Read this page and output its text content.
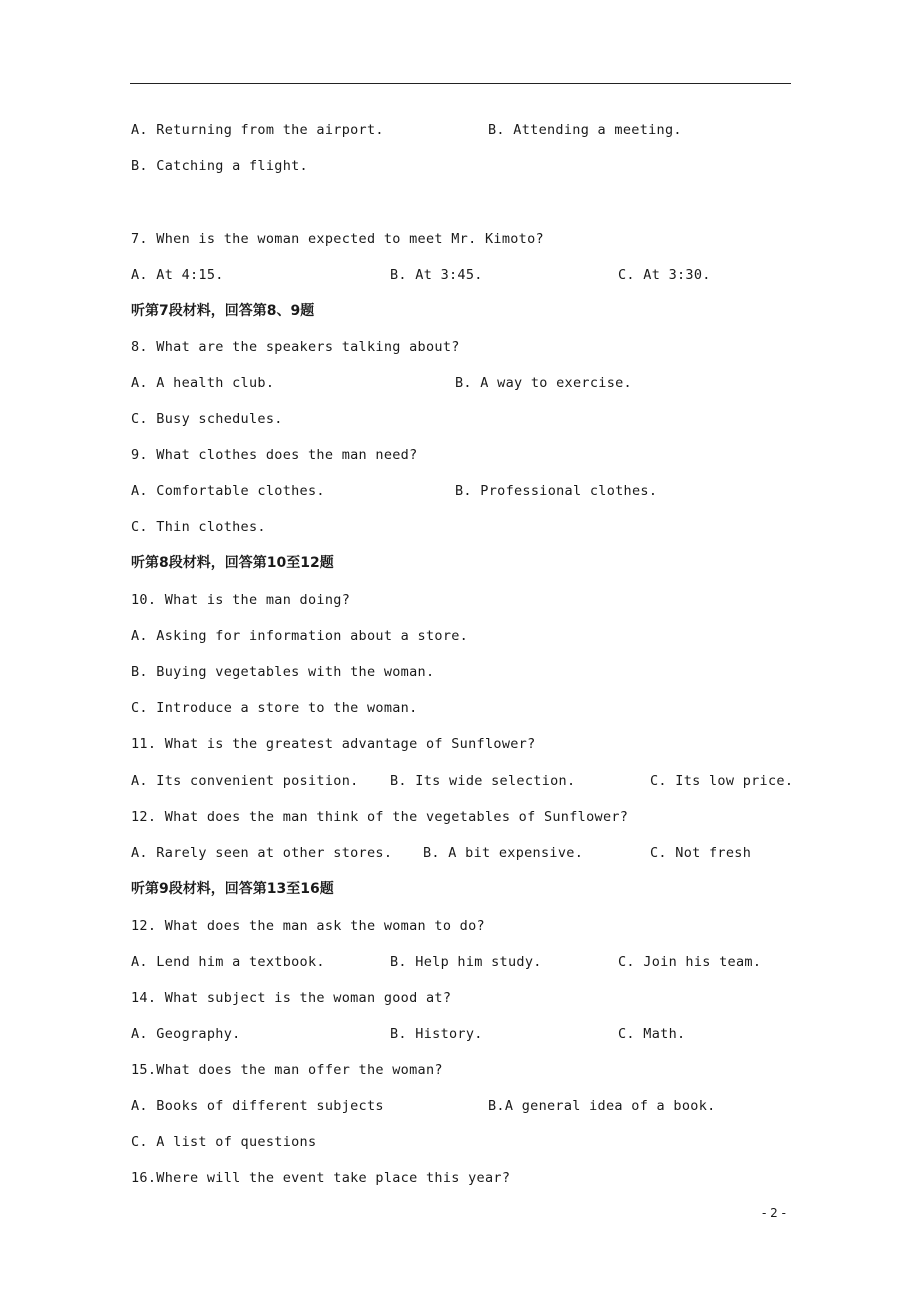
A. Returning from the airport.	B. Attending a meeting.
B. Catching a flight.
7. When is the woman expected to meet Mr. Kimoto?
A. At 4:15.	B. At 3:45.	C. At 3:30.
听第7段材料，回答第8、9题
8. What are the speakers talking about?
A. A health club.	B. A way to exercise.
C. Busy schedules.
9. What clothes does the man need?
A. Comfortable clothes.	B. Professional clothes.
C. Thin clothes.
听第8段材料，回答第10至12题
10. What is the man doing?
A. Asking for information about a store.
B. Buying vegetables with the woman.
C. Introduce a store to the woman.
11. What is the greatest advantage of Sunflower?
A. Its convenient position. B. Its wide selection.	C. Its low price.
12. What does the man think of the vegetables of Sunflower?
A. Rarely seen at other stores. B. A bit expensive.	C. Not fresh
听第9段材料，回答第13至16题
12. What does the man ask the woman to do?
A. Lend him a textbook.	B. Help him study.	C. Join his team.
14. What subject is the woman good at?
A. Geography.	B. History.	C. Math.
15.What does the man offer the woman?
A. Books of different subjects	B.A general idea of a book.
C. A list of questions
16.Where will the event take place this year?
- 2 -
